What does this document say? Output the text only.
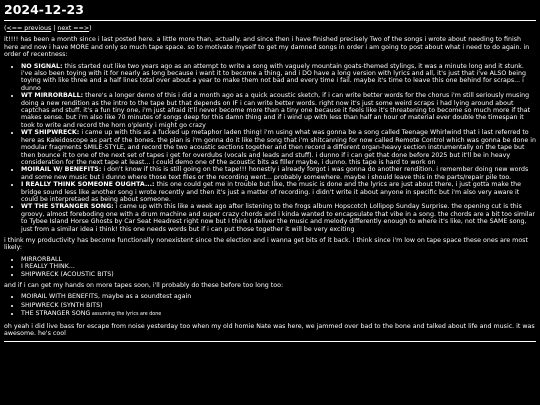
2024-12-23
(<== previous | next ==>)

it!!!! has been a month since i last posted here. a little more than, actually. and since then i have finished precisely Two of the songs i wrote about needing to finish here and now i have MORE and only so much tape space. so to motivate myself to get my damned songs in order i am going to post about what i need to do again. in order of recentness:

• NO SIGNAL: this started out like two years ago as an attempt to write a song with vaguely mountain goats-themed stylings, it was a minute long and it stunk. i've also been toying with it for nearly as long because i want it to become a thing, and i DO have a long version with lyrics and all, it's just that i've ALSO being toying with like three and a half lines total over about a year to make them not bad and every time i fail. maybe it's time to leave this one behind for scraps... i dunno
• WT MIRRORBALL: there's a longer demo of this i did a month ago as a quick acoustic sketch, if i can write better words for the chorus i'm still seriously musing doing a new rendition as the intro to the tape but that depends on IF i can write better words. right now it's just some weird scraps i had lying around about captchas and stuff. it's a fun tiny one, i'm just afraid it'll never become more than a tiny one because it feels like it's threatening to become so much more if that makes sense. but i'm also like 70 minutes of songs deep for this damn thing and if i wind up with less than half an hour of material ever double the timespan it took to write and record the horn o'plenty i might go crazy
• WT SHIPWRECK: i came up with this as a fucked up metaphor laden thing! i'm using what was gonna be a song called Teenage Whirlwind that i last referred to here as Kaleidoscope as part of the bones. the plan is i'm gonna do it like the song that i'm shitcanning for now called Remote Control which was gonna be done in modular fragments SMILE-STYLE, and record the two acoustic sections together and then record a different organ-heavy section instrumentally on the tape but then bounce it to one of the next set of tapes i get for overdubs (vocals and leads and stuff). i dunno if i can get that done before 2025 but it'll be in heavy consideration for the next tape at least... i could demo one of the acoustic bits as filler maybe, i dunno. this tape is hard to work on
• MOIRAIL W/ BENEFITS: i don't know if this is still going on the tape!!! honestly i already forgot i was gonna do another rendition. i remember doing new words and some new music but i dunno where those text files or the recording went... probably somewhere. maybe i should leave this in the parts/repair pile too.
• I REALLY THINK SOMEONE OUGHTA...: this one could get me in trouble but like, the music is done and the lyrics are just about there, i just gotta make the bridge sound less like another song i wrote recently and then it's just a matter of recording. i didn't write it about anyone in specific but i'm also very aware it could be interpretaed as being about someone.
• WT THE STRANGER SONG: i came up with this like a week ago after listening to the frogs album Hopscotch Lollipop Sunday Surprise. the opening cut is this groovy, almost foreboding one with a drum machine and super crazy chords and i kinda wanted to encapsulate that vibe in a song. the chords are a bit too similar to Tybee Island Horse Ghosts by Car Seat Headrest right now but I think I deliver the music and melody differently enough to where it's like, not the SAME song, just from a similar idea i think! this one needs words but if i can put those together it will be very exciting

i think my productivity has become functionally nonexistent since the election and i wanna get bits of it back. i think since i'm low on tape space these ones are most likely:

• MIRRORBALL
• I REALLY THINK...
• SHIPWRECK (ACOUSTIC BITS)

and if i can get my hands on more tapes soon, i'll probably do these before too long too:

• MOIRAIL WITH BENEFITS, maybe as a soundtest again
• SHIPWRECK (SYNTH BITS)
• THE STRANGER SONG assuming the lyrics are done

oh yeah i did live bass for escape from noise yesterday too when my old homie Nate was here, we jammed over bad to the bone and talked about life and music. it was awesome. he's cool
